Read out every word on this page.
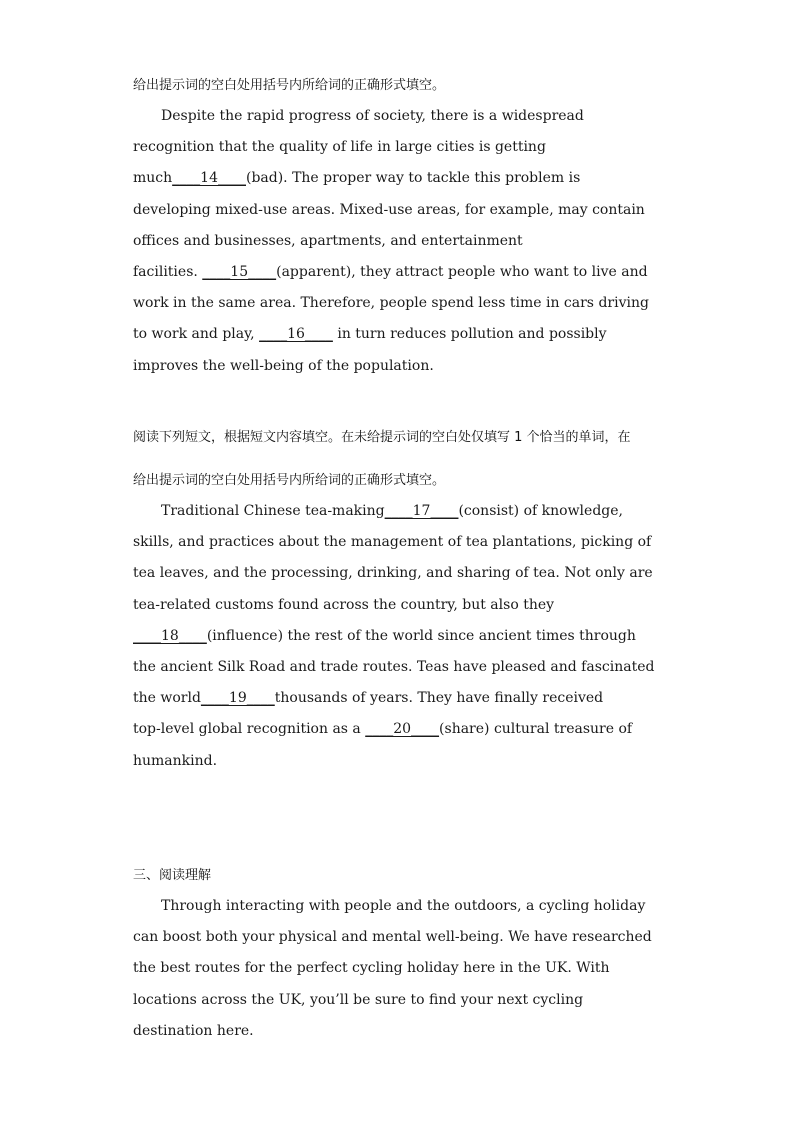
给出提示词的空白处用括号内所给词的正确形式填空。
Despite the rapid progress of society, there is a widespread
recognition that the quality of life in large cities is getting
much____14____(bad). The proper way to tackle this problem is
developing mixed-use areas. Mixed-use areas, for example, may contain
offices and businesses, apartments, and entertainment
facilities. ____15____(apparent), they attract people who want to live and
work in the same area. Therefore, people spend less time in cars driving
to work and play, ____16____ in turn reduces pollution and possibly
improves the well-being of the population.
阅读下列短文，根据短文内容填空。在未给提示词的空白处仅填写 1 个恰当的单词，在
给出提示词的空白处用括号内所给词的正确形式填空。
Traditional Chinese tea-making____17____(consist) of knowledge,
skills, and practices about the management of tea plantations, picking of
tea leaves, and the processing, drinking, and sharing of tea. Not only are
tea-related customs found across the country, but also they
____18____(influence) the rest of the world since ancient times through
the ancient Silk Road and trade routes. Teas have pleased and fascinated
the world____19____thousands of years. They have finally received
top-level global recognition as a ____20____(share) cultural treasure of
humankind.
三、阅读理解
Through interacting with people and the outdoors, a cycling holiday
can boost both your physical and mental well-being. We have researched
the best routes for the perfect cycling holiday here in the UK. With
locations across the UK, you’ll be sure to find your next cycling
destination here.
